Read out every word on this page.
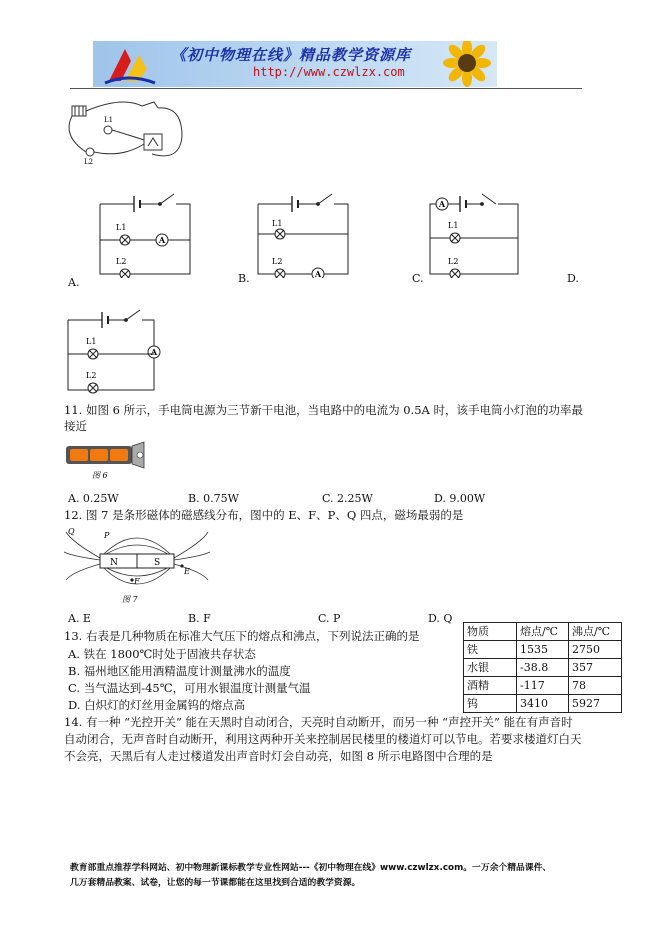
《初中物理在线》精品教学资源库
http://www.czwlzx.com
L1
L2
A
L1
L2
A.
A
L1
L2
B.
A
L1
L2
C.	D.
A
L1
L2
11. 如图 6 所示，手电筒电源为三节新干电池，当电路中的电流为 0.5A 时，该手电筒小灯泡的功率最
接近
图 6
A. 0.25W	B. 0.75W	C. 2.25W	D. 9.00W
12. 图 7 是条形磁体的磁感线分布，图中的 E、F、P、Q 四点，磁场最弱的是
N	S
Q	P
F
E
图 7
A. E	B. F	C. P	D. Q
13. 右表是几种物质在标准大气压下的熔点和沸点，下列说法正确的是
A. 铁在 1800℃时处于固液共存状态
B. 福州地区能用酒精温度计测量沸水的温度
C. 当气温达到-45℃，可用水银温度计测量气温
D. 白炽灯的灯丝用金属钨的熔点高
物质	熔点/℃	沸点/℃
铁	1535	2750
水银	-38.8	357
酒精	-117	78
钨	3410	5927
14. 有一种 “光控开关” 能在天黑时自动闭合，天亮时自动断开，而另一种 “声控开关” 能在有声音时
自动闭合，无声音时自动断开，利用这两种开关来控制居民楼里的楼道灯可以节电。若要求楼道灯白天
不会亮，天黑后有人走过楼道发出声音时灯会自动亮，如图 8 所示电路图中合理的是
教育部重点推荐学科网站、初中物理新课标教学专业性网站---《初中物理在线》www.czwlzx.com。一万余个精品课件、
几万套精品教案、试卷，让您的每一节课都能在这里找到合适的教学资源。
